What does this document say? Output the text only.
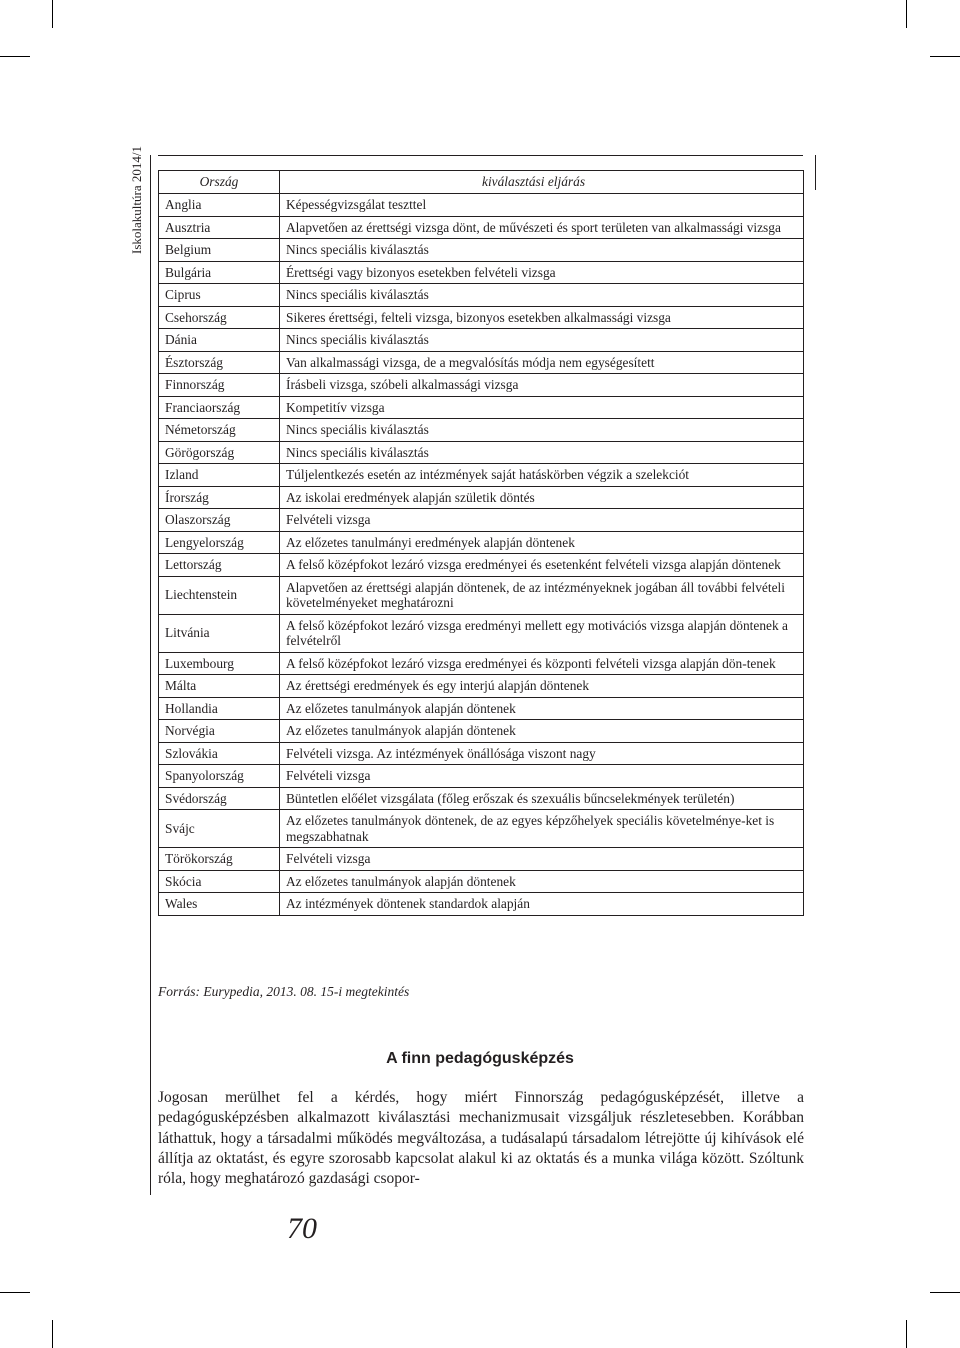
Iskolakultúra 2014/1	Ország	kiválasztási eljárás
Anglia	Képességvizsgálat teszttel
Ausztria	Alapvetően az érettségi vizsga dönt, de művészeti és sport területen van alkalmassági vizsga
Belgium	Nincs speciális kiválasztás
Bulgária	Érettségi vagy bizonyos esetekben felvételi vizsga
Ciprus	Nincs speciális kiválasztás
Csehország	Sikeres érettségi, felteli vizsga, bizonyos esetekben alkalmassági vizsga
Dánia	Nincs speciális kiválasztás
Észtország	Van alkalmassági vizsga, de a megvalósítás módja nem egységesített
Finnország	Írásbeli vizsga, szóbeli alkalmassági vizsga
Franciaország	Kompetitív vizsga
Németország	Nincs speciális kiválasztás
Görögország	Nincs speciális kiválasztás
Izland	Túljelentkezés esetén az intézmények saját hatáskörben végzik a szelekciót
Írország	Az iskolai eredmények alapján születik döntés
Olaszország	Felvételi vizsga
Lengyelország	Az előzetes tanulmányi eredmények alapján döntenek
Lettország	A felső középfokot lezáró vizsga eredményei és esetenként felvételi vizsga alapján döntenek
Liechtenstein	Alapvetően az érettségi alapján döntenek, de az intézményeknek jogában áll további felvételi követelményeket meghatározni
Litvánia	A felső középfokot lezáró vizsga eredményi mellett egy motivációs vizsga alapján döntenek a felvételről
Luxembourg	A felső középfokot lezáró vizsga eredményei és központi felvételi vizsga alapján dön-tenek
Málta	Az érettségi eredmények és egy interjú alapján döntenek
Hollandia	Az előzetes tanulmányok alapján döntenek
Norvégia	Az előzetes tanulmányok alapján döntenek
Szlovákia	Felvételi vizsga. Az intézmények önállósága viszont nagy
Spanyolország	Felvételi vizsga
Svédország	Büntetlen előélet vizsgálata (főleg erőszak és szexuális bűncselekmények területén)
Svájc	Az előzetes tanulmányok döntenek, de az egyes képzőhelyek speciális követelménye-ket is megszabhatnak
Törökország	Felvételi vizsga
Skócia	Az előzetes tanulmányok alapján döntenek
Wales	Az intézmények döntenek standardok alapján
Forrás: Eurypedia, 2013. 08. 15-i megtekintés
A finn pedagógusképzés

Jogosan merülhet fel a kérdés, hogy miért Finnország pedagógusképzését, illetve a pedagógusképzésben alkalmazott kiválasztási mechanizmusait vizsgáljuk részletesebben. Korábban láthattuk, hogy a társadalmi működés megváltozása, a tudásalapú társadalom létrejötte új kihívások elé állítja az oktatást, és egyre szorosabb kapcsolat alakul ki az oktatás és a munka világa között. Szóltunk róla, hogy meghatározó gazdasági csopor-

70
